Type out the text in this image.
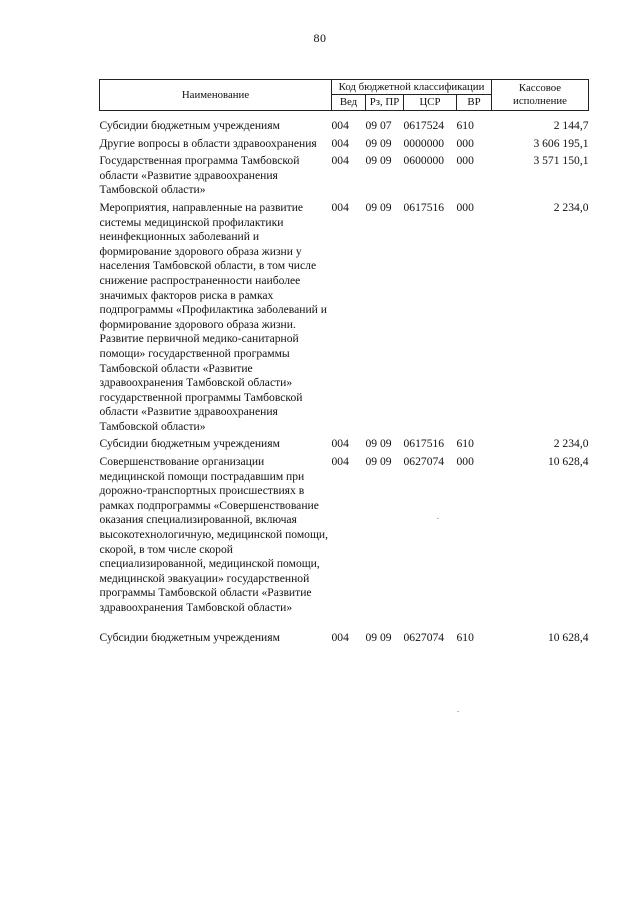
80
Наименование	Код бюджетной классификации				Кассовое исполнение
	Вед	Рз, ПР	ЦСР	ВР	
Субсидии бюджетным учреждениям	004	09 07	0617524	610	2 144,7
Другие вопросы в области здравоохранения	004	09 09	0000000	000	3 606 195,1
Государственная программа Тамбовской области «Развитие здравоохранения Тамбовской области»	004	09 09	0600000	000	3 571 150,1
Мероприятия, направленные на развитие системы медицинской профилактики неинфекционных заболеваний и формирование здорового образа жизни у населения Тамбовской области, в том числе снижение распространенности наиболее значимых факторов риска в рамках подпрограммы «Профилактика заболеваний и формирование здорового образа жизни. Развитие первичной медико-санитарной помощи» государственной программы Тамбовской области «Развитие здравоохранения Тамбовской области» государственной программы Тамбовской области «Развитие здравоохранения Тамбовской области»	004	09 09	0617516	000	2 234,0
Субсидии бюджетным учреждениям	004	09 09	0617516	610	2 234,0
Совершенствование организации медицинской помощи пострадавшим при дорожно-транспортных происшествиях в рамках подпрограммы «Совершенствование оказания специализированной, включая высокотехнологичную, медицинской помощи, скорой, в том числе скорой специализированной, медицинской помощи, медицинской эвакуации» государственной программы Тамбовской области «Развитие здравоохранения Тамбовской области»	004	09 09	0627074	000	10 628,4

Субсидии бюджетным учреждениям	004	09 09	0627074	610	10 628,4
